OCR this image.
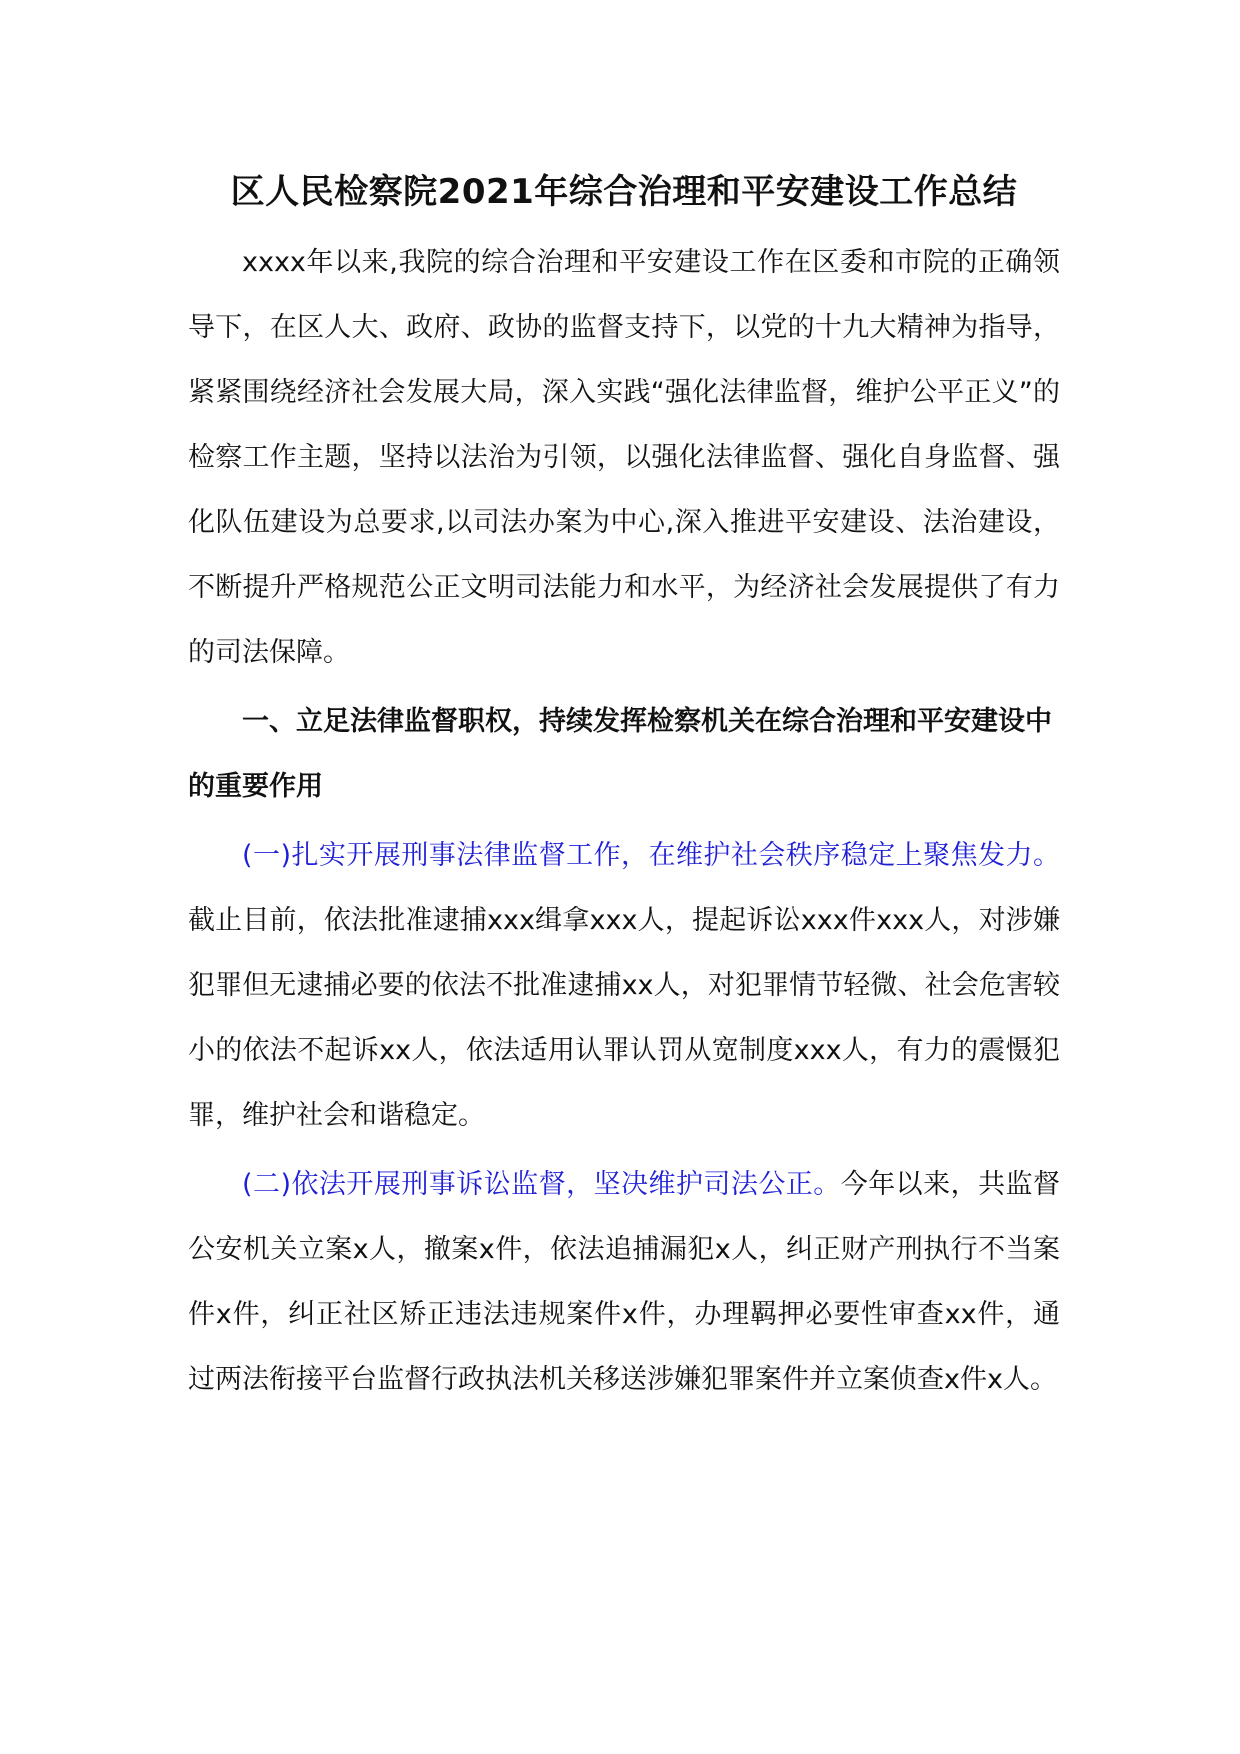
区人民检察院2021年综合治理和平安建设工作总结

xxxx年以来,我院的综合治理和平安建设工作在区委和市院的正确领导下，在区人大、政府、政协的监督支持下，以党的十九大精神为指导，紧紧围绕经济社会发展大局，深入实践“强化法律监督，维护公平正义”的检察工作主题，坚持以法治为引领，以强化法律监督、强化自身监督、强化队伍建设为总要求,以司法办案为中心,深入推进平安建设、法治建设，不断提升严格规范公正文明司法能力和水平，为经济社会发展提供了有力的司法保障。

一、立足法律监督职权，持续发挥检察机关在综合治理和平安建设中的重要作用

(一)扎实开展刑事法律监督工作，在维护社会秩序稳定上聚焦发力。截止目前，依法批准逮捕xxx缉拿xxx人，提起诉讼xxx件xxx人，对涉嫌犯罪但无逮捕必要的依法不批准逮捕xx人，对犯罪情节轻微、社会危害较小的依法不起诉xx人，依法适用认罪认罚从宽制度xxx人，有力的震慑犯罪，维护社会和谐稳定。

(二)依法开展刑事诉讼监督，坚决维护司法公正。今年以来，共监督公安机关立案x人，撤案x件，依法追捕漏犯x人，纠正财产刑执行不当案件x件，纠正社区矫正违法违规案件x件，办理羁押必要性审查xx件，通过两法衔接平台监督行政执法机关移送涉嫌犯罪案件并立案侦查x件x人。
